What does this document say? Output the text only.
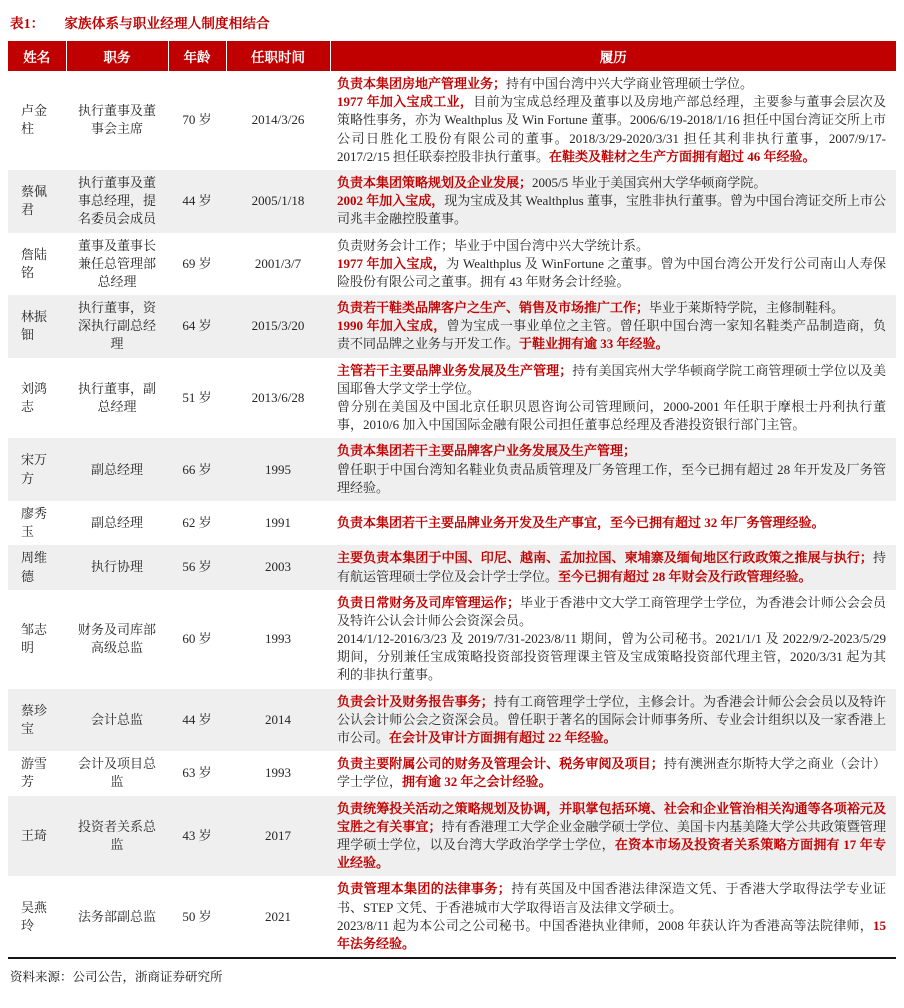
表1： 家族体系与职业经理人制度相结合
姓名	职务	年龄	任职时间	履历
卢金柱	执行董事及董事会主席	70 岁	2014/3/26	负责本集团房地产管理业务；持有中国台湾中兴大学商业管理硕士学位。
1977 年加入宝成工业，目前为宝成总经理及董事以及房地产部总经理，主要参与董事会层次及策略性事务，亦为 Wealthplus 及 Win Fortune 董事。2006/6/19-2018/1/16 担任中国台湾证交所上市公司日胜化工股份有限公司的董事。2018/3/29-2020/3/31 担任其利非执行董事，2007/9/17-2017/2/15 担任联泰控股非执行董事。在鞋类及鞋材之生产方面拥有超过 46 年经验。

蔡佩君	执行董事及董事总经理，提名委员会成员	44 岁	2005/1/18	负责本集团策略规划及企业发展；2005/5 毕业于美国宾州大学华顿商学院。
2002 年加入宝成，现为宝成及其 Wealthplus 董事，宝胜非执行董事。曾为中国台湾证交所上市公司兆丰金融控股董事。

詹陆铭	董事及董事长兼任总管理部总经理	69 岁	2001/3/7	负责财务会计工作；毕业于中国台湾中兴大学统计系。
1977 年加入宝成，为 Wealthplus 及 WinFortune 之董事。曾为中国台湾公开发行公司南山人寿保险股份有限公司之董事。拥有 43 年财务会计经验。

林振钿	执行董事，资深执行副总经理	64 岁	2015/3/20	负责若干鞋类品牌客户之生产、销售及市场推广工作；毕业于莱斯特学院，主修制鞋科。
1990 年加入宝成，曾为宝成一事业单位之主管。曾任职中国台湾一家知名鞋类产品制造商，负责不同品牌之业务与开发工作。于鞋业拥有逾 33 年经验。

刘鸿志	执行董事，副总经理	51 岁	2013/6/28	主管若干主要品牌业务发展及生产管理；持有美国宾州大学华顿商学院工商管理硕士学位以及美国耶鲁大学文学士学位。
曾分别在美国及中国北京任职贝恩咨询公司管理顾问，2000-2001 年任职于摩根士丹利执行董事，2010/6 加入中国国际金融有限公司担任董事总经理及香港投资银行部门主管。

宋万方	副总经理	66 岁	1995	负责本集团若干主要品牌客户业务发展及生产管理；
曾任职于中国台湾知名鞋业负责品质管理及厂务管理工作，至今已拥有超过 28 年开发及厂务管理经验。

廖秀玉	副总经理	62 岁	1991	负责本集团若干主要品牌业务开发及生产事宜，至今已拥有超过 32 年厂务管理经验。

周维德	执行协理	56 岁	2003	主要负责本集团于中国、印尼、越南、孟加拉国、柬埔寨及缅甸地区行政政策之推展与执行；持有航运管理硕士学位及会计学士学位。至今已拥有超过 28 年财会及行政管理经验。

邹志明	财务及司库部高级总监	60 岁	1993	负责日常财务及司库管理运作；毕业于香港中文大学工商管理学士学位，为香港会计师公会会员及特许公认会计师公会资深会员。
2014/1/12-2016/3/23 及 2019/7/31-2023/8/11 期间，曾为公司秘书。2021/1/1 及 2022/9/2-2023/5/29 期间，分别兼任宝成策略投资部投资管理课主管及宝成策略投资部代理主管，2020/3/31 起为其利的非执行董事。

蔡珍宝	会计总监	44 岁	2014	负责会计及财务报告事务；持有工商管理学士学位，主修会计。为香港会计师公会会员以及特许公认会计师公会之资深会员。曾任职于著名的国际会计师事务所、专业会计组织以及一家香港上市公司。在会计及审计方面拥有超过 22 年经验。

游雪芳	会计及项目总监	63 岁	1993	负责主要附属公司的财务及管理会计、税务审阅及项目；持有澳洲查尔斯特大学之商业（会计）学士学位，拥有逾 32 年之会计经验。

王琦	投资者关系总监	43 岁	2017	负责统筹投关活动之策略规划及协调，并职掌包括环境、社会和企业管治相关沟通等各项裕元及宝胜之有关事宜；持有香港理工大学企业金融学硕士学位、美国卡内基美隆大学公共政策暨管理理学硕士学位，以及台湾大学政治学学士学位，在资本市场及投资者关系策略方面拥有 17 年专业经验。

吴燕玲	法务部副总监	50 岁	2021	负责管理本集团的法律事务；持有英国及中国香港法律深造文凭、于香港大学取得法学专业证书、STEP 文凭、于香港城市大学取得语言及法律文学硕士。
2023/8/11 起为本公司之公司秘书。中国香港执业律师，2008 年获认许为香港高等法院律师，15 年法务经验。
资料来源：公司公告，浙商证券研究所
